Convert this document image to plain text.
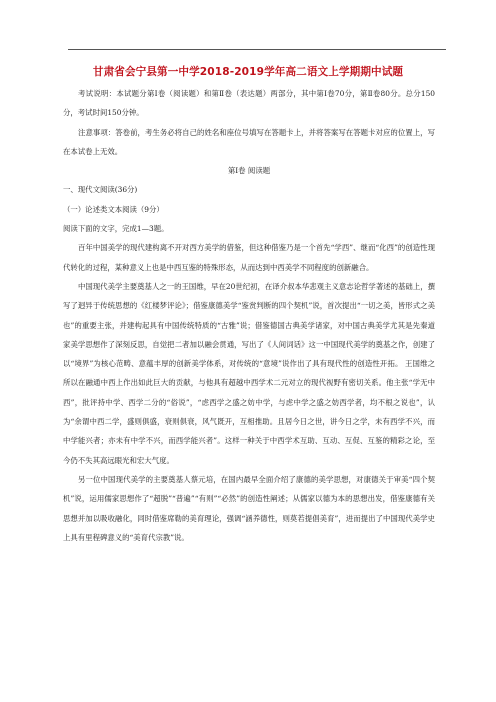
甘肃省会宁县第一中学2018-2019学年高二语文上学期期中试题

考试说明：本试题分第Ⅰ卷（阅读题）和第Ⅱ卷（表达题）两部分，其中第Ⅰ卷70分，第Ⅱ卷80分。总分150分，考试时间150分钟。

注意事项：答卷前，考生务必将自己的姓名和座位号填写在答题卡上，并将答案写在答题卡对应的位置上，写在本试卷上无效。

第Ⅰ卷 阅读题

一、现代文阅读(36分)

（一）论述类文本阅读（9分）

阅读下面的文字，完成1—3题。

百年中国美学的现代建构离不开对西方美学的借鉴，但这种借鉴乃是一个首先“学西”、继而“化西”的创造性现代转化的过程，某种意义上也是中西互鉴的特殊形态，从而达到中西美学不同程度的创新融合。

中国现代美学主要奠基人之一的王国维，早在20世纪初，在译介叔本华悲观主义意志论哲学著述的基础上，撰写了迥异于传统思想的《红楼梦评论》；借鉴康德美学“鉴赏判断的四个契机”说，首次提出“一切之美，皆形式之美也”的重要主张，并建构起具有中国传统特质的“古雅”说；借鉴德国古典美学诸家，对中国古典美学尤其是先秦道家美学思想作了深刻反思，自觉把二者加以融会贯通，写出了《人间词话》这一中国现代美学的奠基之作，创建了以“境界”为核心范畴、意蕴丰厚的创新美学体系，对传统的“意境”说作出了具有现代性的创造性开拓。 王国维之所以在融通中西上作出如此巨大的贡献，与他具有超越中西学术二元对立的现代视野有密切关系。他主张“学无中西”，批评持中学、西学二分的“俗说”，“虑西学之盛之妨中学，与虑中学之盛之妨西学者，均不根之说也”，认为“余谓中西二学，盛则俱盛，衰则俱衰，风气既开，互相推助。且居今日之世，讲今日之学，未有西学不兴，而中学能兴者；亦未有中学不兴，而西学能兴者”。这样一种关于中西学术互助、互动、互促、互鉴的精彩之论，至今仍不失其高远眼光和宏大气度。

另一位中国现代美学的主要奠基人蔡元培，在国内最早全面介绍了康德的美学思想，对康德关于审美“四个契机”说，运用儒家思想作了“超脱”“普遍”“有则”“必然”的创造性阐述；从儒家以德为本的思想出发，借鉴康德有关思想并加以吸收融化，同时借鉴席勒的美育理论，强调“涵养德性，则莫若提倡美育”，进而提出了中国现代美学史上具有里程碑意义的“美育代宗教”说。
